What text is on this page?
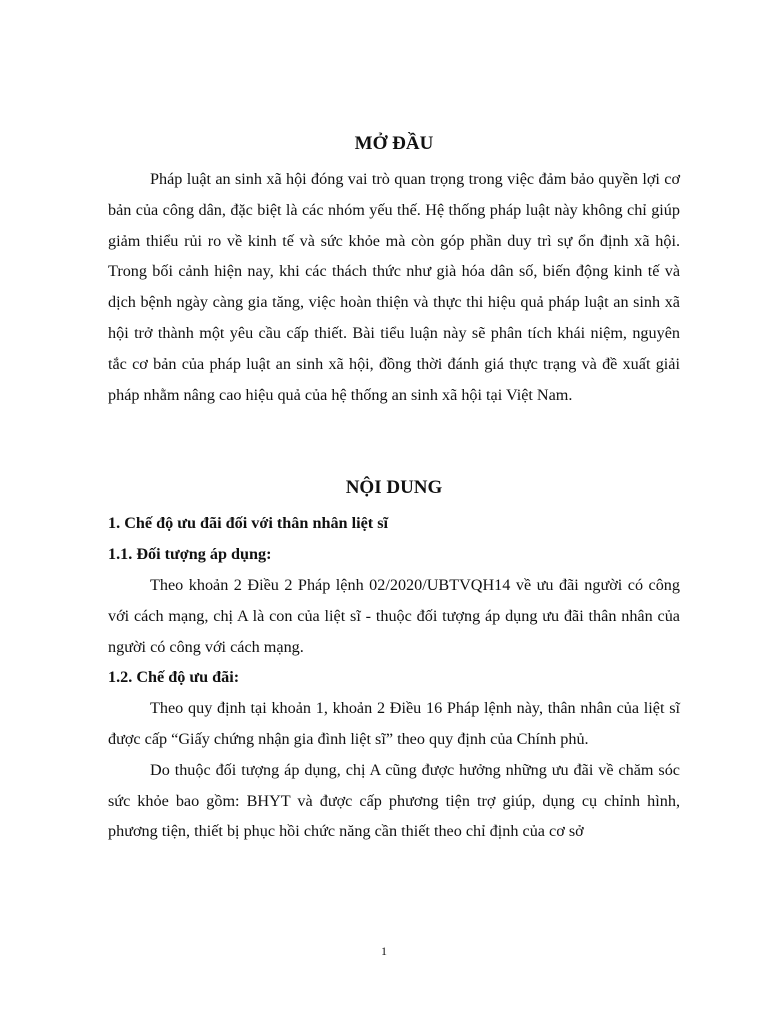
MỞ ĐẦU

Pháp luật an sinh xã hội đóng vai trò quan trọng trong việc đảm bảo quyền lợi cơ bản của công dân, đặc biệt là các nhóm yếu thế. Hệ thống pháp luật này không chỉ giúp giảm thiểu rủi ro về kinh tế và sức khỏe mà còn góp phần duy trì sự ổn định xã hội. Trong bối cảnh hiện nay, khi các thách thức như già hóa dân số, biến động kinh tế và dịch bệnh ngày càng gia tăng, việc hoàn thiện và thực thi hiệu quả pháp luật an sinh xã hội trở thành một yêu cầu cấp thiết. Bài tiểu luận này sẽ phân tích khái niệm, nguyên tắc cơ bản của pháp luật an sinh xã hội, đồng thời đánh giá thực trạng và đề xuất giải pháp nhằm nâng cao hiệu quả của hệ thống an sinh xã hội tại Việt Nam.

NỘI DUNG
1. Chế độ ưu đãi đối với thân nhân liệt sĩ
1.1. Đối tượng áp dụng:

Theo khoản 2 Điều 2 Pháp lệnh 02/2020/UBTVQH14 về ưu đãi người có công với cách mạng, chị A là con của liệt sĩ - thuộc đối tượng áp dụng ưu đãi thân nhân của người có công với cách mạng.

1.2. Chế độ ưu đãi:

Theo quy định tại khoản 1, khoản 2 Điều 16 Pháp lệnh này, thân nhân của liệt sĩ được cấp “Giấy chứng nhận gia đình liệt sĩ” theo quy định của Chính phủ.

Do thuộc đối tượng áp dụng, chị A cũng được hưởng những ưu đãi về chăm sóc sức khỏe bao gồm: BHYT và được cấp phương tiện trợ giúp, dụng cụ chỉnh hình, phương tiện, thiết bị phục hồi chức năng cần thiết theo chỉ định của cơ sở

1
